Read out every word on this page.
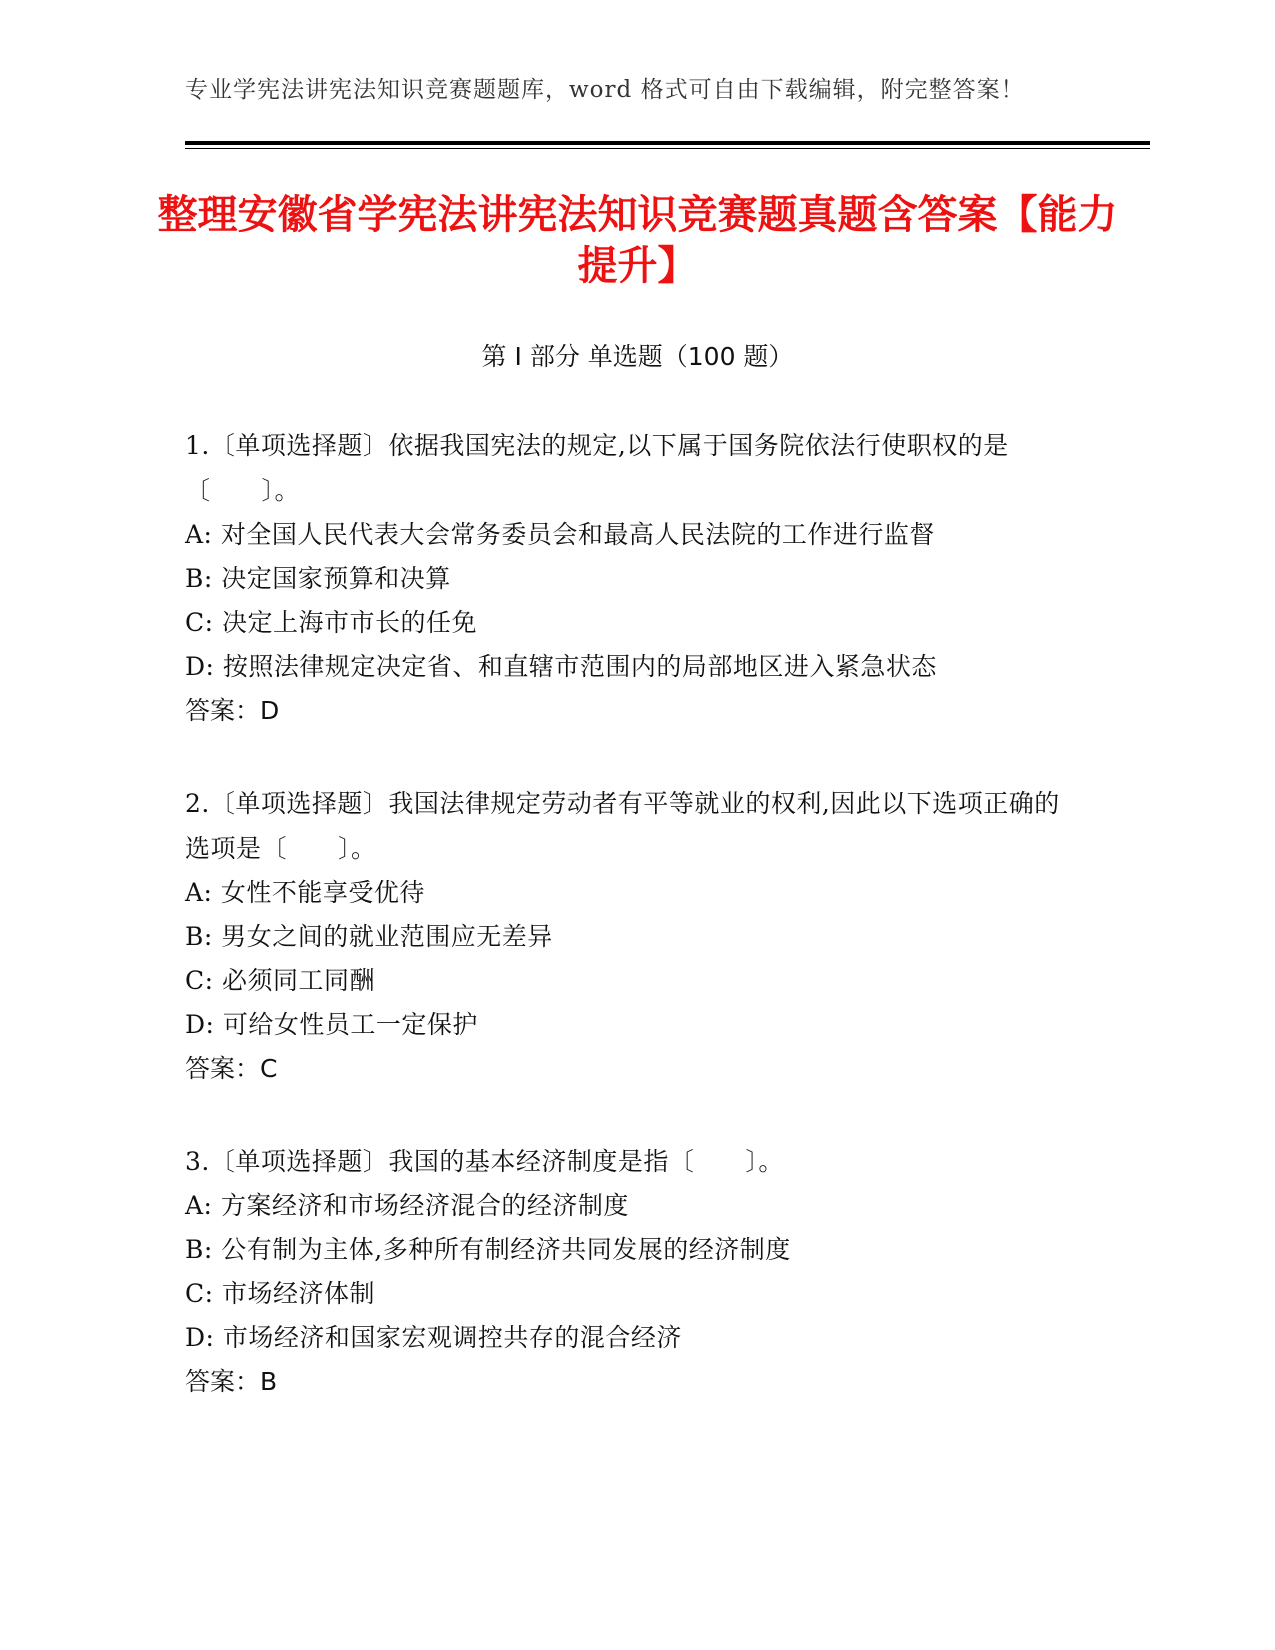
专业学宪法讲宪法知识竞赛题题库，word 格式可自由下载编辑，附完整答案！
整理安徽省学宪法讲宪法知识竞赛题真题含答案【能力提升】
第 I 部分 单选题（100 题）
1.〔单项选择题〕依据我国宪法的规定,以下属于国务院依法行使职权的是〔　　〕。
A: 对全国人民代表大会常务委员会和最高人民法院的工作进行监督
B: 决定国家预算和决算
C: 决定上海市市长的任免
D: 按照法律规定决定省、和直辖市范围内的局部地区进入紧急状态
答案：D
2.〔单项选择题〕我国法律规定劳动者有平等就业的权利,因此以下选项正确的选项是〔　　〕。
A: 女性不能享受优待
B: 男女之间的就业范围应无差异
C: 必须同工同酬
D: 可给女性员工一定保护
答案：C
3.〔单项选择题〕我国的基本经济制度是指〔　　〕。
A: 方案经济和市场经济混合的经济制度
B: 公有制为主体,多种所有制经济共同发展的经济制度
C: 市场经济体制
D: 市场经济和国家宏观调控共存的混合经济
答案：B
